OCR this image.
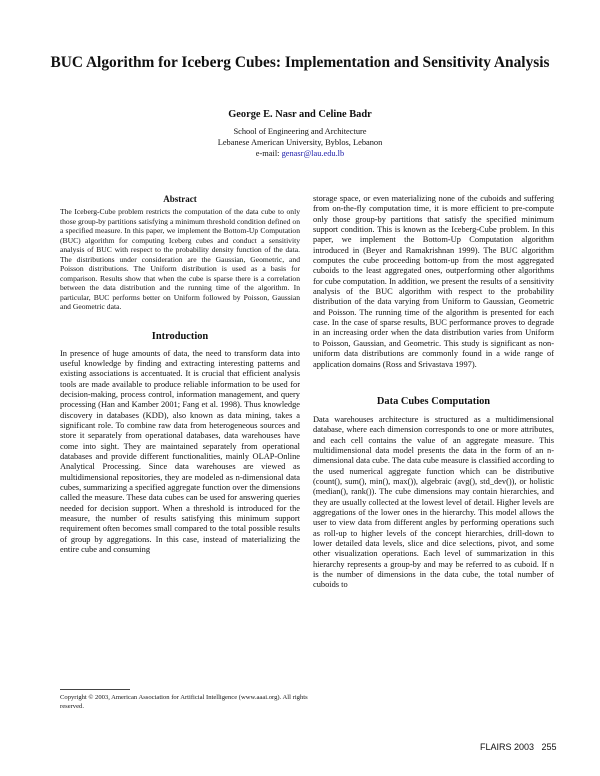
BUC Algorithm for Iceberg Cubes: Implementation and Sensitivity Analysis

George E. Nasr and Celine Badr

School of Engineering and Architecture
Lebanese American University, Byblos, Lebanon
e-mail: genasr@lau.edu.lb
Abstract

The Iceberg-Cube problem restricts the computation of the data cube to only those group-by partitions satisfying a minimum threshold condition defined on a specified measure. In this paper, we implement the Bottom-Up Computation (BUC) algorithm for computing Iceberg cubes and conduct a sensitivity analysis of BUC with respect to the probability density function of the data. The distributions under consideration are the Gaussian, Geometric, and Poisson distributions. The Uniform distribution is used as a basis for comparison. Results show that when the cube is sparse there is a correlation between the data distribution and the running time of the algorithm. In particular, BUC performs better on Uniform followed by Poisson, Gaussian and Geometric data.

Introduction

In presence of huge amounts of data, the need to transform data into useful knowledge by finding and extracting interesting patterns and existing associations is accentuated. It is crucial that efficient analysis tools are made available to produce reliable information to be used for decision-making, process control, information management, and query processing (Han and Kamber 2001; Fang et al. 1998). Thus knowledge discovery in databases (KDD), also known as data mining, takes a significant role. To combine raw data from heterogeneous sources and store it separately from operational databases, data warehouses have come into sight. They are maintained separately from operational databases and provide different functionalities, mainly OLAP-Online Analytical Processing. Since data warehouses are viewed as multidimensional repositories, they are modeled as n-dimensional data cubes, summarizing a specified aggregate function over the dimensions called the measure. These data cubes can be used for answering queries needed for decision support. When a threshold is introduced for the measure, the number of results satisfying this minimum support requirement often becomes small compared to the total possible results of group by aggregations. In this case, instead of materializing the entire cube and consuming

storage space, or even materializing none of the cuboids and suffering from on-the-fly computation time, it is more efficient to pre-compute only those group-by partitions that satisfy the specified minimum support condition. This is known as the Iceberg-Cube problem. In this paper, we implement the Bottom-Up Computation algorithm introduced in (Beyer and Ramakrishnan 1999). The BUC algorithm computes the cube proceeding bottom-up from the most aggregated cuboids to the least aggregated ones, outperforming other algorithms for cube computation. In addition, we present the results of a sensitivity analysis of the BUC algorithm with respect to the probability distribution of the data varying from Uniform to Gaussian, Geometric and Poisson. The running time of the algorithm is presented for each case. In the case of sparse results, BUC performance proves to degrade in an increasing order when the data distribution varies from Uniform to Poisson, Gaussian, and Geometric. This study is significant as non-uniform data distributions are commonly found in a wide range of application domains (Ross and Srivastava 1997).

Data Cubes Computation

Data warehouses architecture is structured as a multidimensional database, where each dimension corresponds to one or more attributes, and each cell contains the value of an aggregate measure. This multidimensional data model presents the data in the form of an n-dimensional data cube. The data cube measure is classified according to the used numerical aggregate function which can be distributive (count(), sum(), min(), max()), algebraic (avg(), std_dev()), or holistic (median(), rank()). The cube dimensions may contain hierarchies, and they are usually collected at the lowest level of detail. Higher levels are aggregations of the lower ones in the hierarchy. This model allows the user to view data from different angles by performing operations such as roll-up to higher levels of the concept hierarchies, drill-down to lower detailed data levels, slice and dice selections, pivot, and some other visualization operations. Each level of summarization in this hierarchy represents a group-by and may be referred to as cuboid. If n is the number of dimensions in the data cube, the total number of cuboids to

Copyright © 2003, American Association for Artificial Intelligence (www.aaai.org). All rights reserved.
FLAIRS 2003 255
